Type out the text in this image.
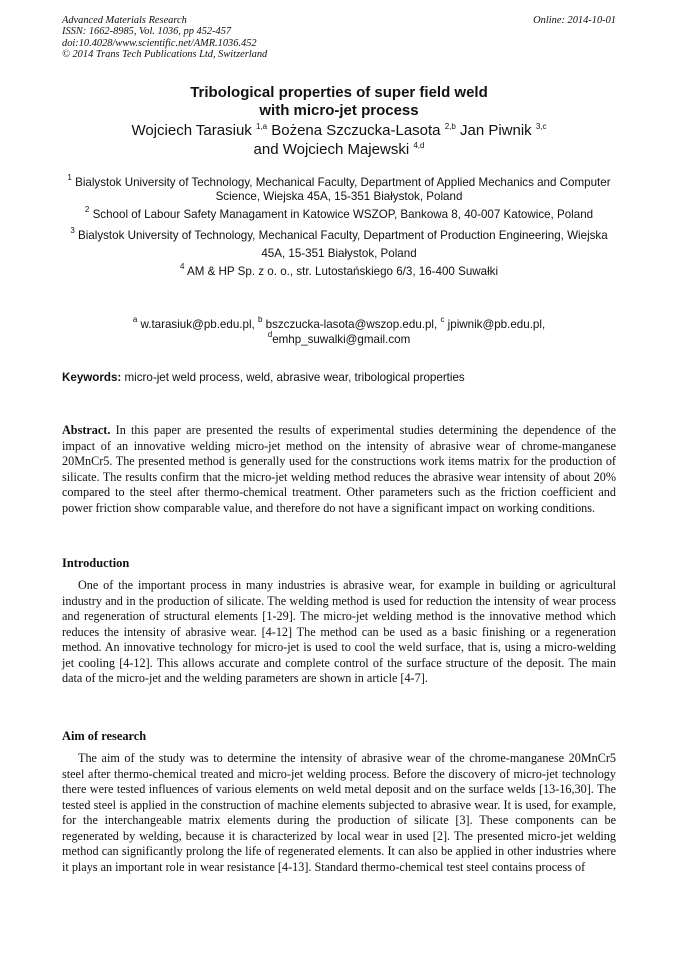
Advanced Materials Research
ISSN: 1662-8985, Vol. 1036, pp 452-457
doi:10.4028/www.scientific.net/AMR.1036.452
© 2014 Trans Tech Publications Ltd, Switzerland
Online: 2014-10-01
Tribological properties of super field weld
with micro-jet process
Wojciech Tarasiuk $^{1,a}$ Bożena Szczucka-Lasota $^{2,b}$ Jan Piwnik $^{3,c}$
and Wojciech Majewski $^{4,d}$

$^1$ Bialystok University of Technology, Mechanical Faculty, Department of Applied Mechanics and Computer Science, Wiejska 45A, 15-351 Białystok, Poland

$^2$ School of Labour Safety Managament in Katowice WSZOP, Bankowa 8, 40-007 Katowice, Poland

$^3$ Bialystok University of Technology, Mechanical Faculty, Department of Production Engineering, Wiejska 45A, 15-351 Białystok, Poland

$^4$ AM & HP Sp. z o. o., str. Lutostańskiego 6/3, 16-400 Suwałki

$^a$ w.tarasiuk@pb.edu.pl, $^b$ bszczucka-lasota@wszop.edu.pl, $^c$ jpiwnik@pb.edu.pl,
$^d$emhp_suwalki@gmail.com
Keywords: micro-jet weld process, weld, abrasive wear, tribological properties
Abstract. In this paper are presented the results of experimental studies determining the dependence of the impact of an innovative welding micro-jet method on the intensity of abrasive wear of chrome-manganese 20MnCr5. The presented method is generally used for the constructions work items matrix for the production of silicate. The results confirm that the micro-jet welding method reduces the abrasive wear intensity of about 20% compared to the steel after thermo-chemical treatment. Other parameters such as the friction coefficient and power friction show comparable value, and therefore do not have a significant impact on working conditions.
Introduction
One of the important process in many industries is abrasive wear, for example in building or agricultural industry and in the production of silicate. The welding method is used for reduction the intensity of wear process and regeneration of structural elements [1-29]. The micro-jet welding method is the innovative method which reduces the intensity of abrasive wear. [4-12] The method can be used as a basic finishing or a regeneration method. An innovative technology for micro-jet is used to cool the weld surface, that is, using a micro-welding jet cooling [4-12]. This allows accurate and complete control of the surface structure of the deposit. The main data of the micro-jet and the welding parameters are shown in article [4-7].
Aim of research
The aim of the study was to determine the intensity of abrasive wear of the chrome-manganese 20MnCr5 steel after thermo-chemical treated and micro-jet welding process. Before the discovery of micro-jet technology there were tested influences of various elements on weld metal deposit and on the surface welds [13-16,30]. The tested steel is applied in the construction of machine elements subjected to abrasive wear. It is used, for example, for the interchangeable matrix elements during the production of silicate [3]. These components can be regenerated by welding, because it is characterized by local wear in used [2]. The presented micro-jet welding method can significantly prolong the life of regenerated elements. It can also be applied in other industries where it plays an important role in wear resistance [4-13]. Standard thermo-chemical test steel contains process of
